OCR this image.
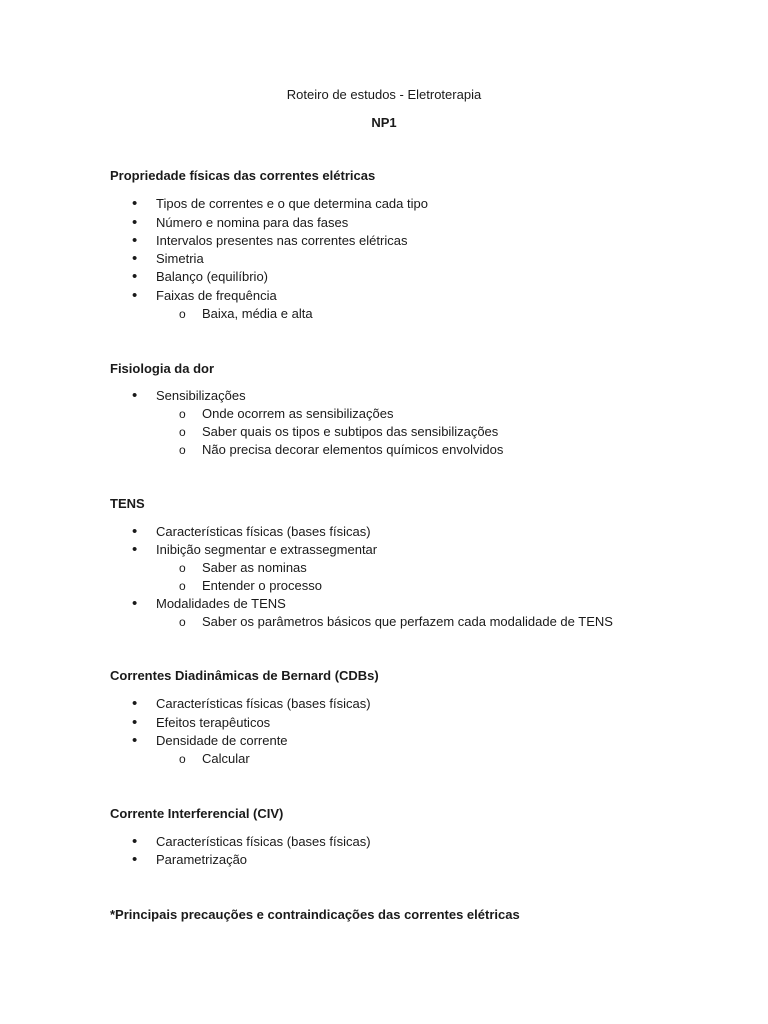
Roteiro de estudos - Eletroterapia
NP1
Propriedade físicas das correntes elétricas
• Tipos de correntes e o que determina cada tipo
• Número e nomina para das fases
• Intervalos presentes nas correntes elétricas
• Simetria
• Balanço (equilíbrio)
• Faixas de frequência
o Baixa, média e alta
Fisiologia da dor
• Sensibilizações
o Onde ocorrem as sensibilizações
o Saber quais os tipos e subtipos das sensibilizações
o Não precisa decorar elementos químicos envolvidos
TENS
• Características físicas (bases físicas)
• Inibição segmentar e extrassegmentar
o Saber as nominas
o Entender o processo
• Modalidades de TENS
o Saber os parâmetros básicos que perfazem cada modalidade de TENS
Correntes Diadinâmicas de Bernard (CDBs)
• Características físicas (bases físicas)
• Efeitos terapêuticos
• Densidade de corrente
o Calcular
Corrente Interferencial (CIV)
• Características físicas (bases físicas)
• Parametrização
*Principais precauções e contraindicações das correntes elétricas
